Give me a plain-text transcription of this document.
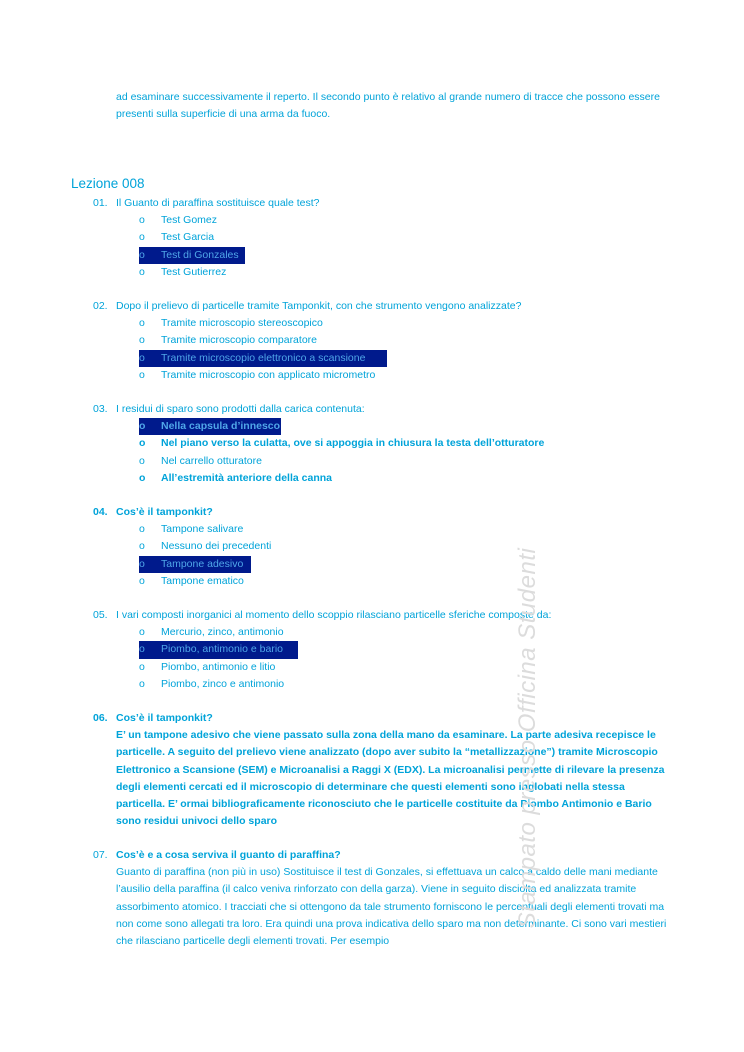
ad esaminare successivamente il reperto. Il secondo punto è relativo al grande numero di tracce che possono essere presenti sulla superficie di una arma da fuoco.
Lezione 008
01. Il Guanto di paraffina sostituisce quale test?
o	Test Gomez
o	Test Garcia
o	Test di Gonzales
o	Test Gutierrez
02. Dopo il prelievo di particelle tramite Tamponkit, con che strumento vengono analizzate?
o	Tramite microscopio stereoscopico
o	Tramite microscopio comparatore
o	Tramite microscopio elettronico a scansione
o	Tramite microscopio con applicato micrometro
03. I residui di sparo sono prodotti dalla carica contenuta:
o	Nella capsula d’innesco
o	Nel piano verso la culatta, ove si appoggia in chiusura la testa dell’otturatore
o	Nel carrello otturatore
o	All’estremità anteriore della canna
04. Cos’è il tamponkit?
o	Tampone salivare
o	Nessuno dei precedenti
o	Tampone adesivo
o	Tampone ematico
05. I vari composti inorganici al momento dello scoppio rilasciano particelle sferiche composte da:
o	Mercurio, zinco, antimonio
o	Piombo, antimonio e bario
o	Piombo, antimonio e litio
o	Piombo, zinco e antimonio
06. Cos’è il tamponkit?

E’ un tampone adesivo che viene passato sulla zona della mano da esaminare. La parte adesiva recepisce le particelle. A seguito del prelievo viene analizzato (dopo aver subito la “metallizzazione”) tramite Microscopio Elettronico a Scansione (SEM) e Microanalisi a Raggi X (EDX). La microanalisi permette di rilevare la presenza degli elementi cercati ed il microscopio di determinare che questi elementi sono inglobati nella stessa particella. E’ ormai bibliograficamente riconosciuto che le particelle costituite da Piombo Antimonio e Bario sono residui univoci dello sparo

07. Cos’è e a cosa serviva il guanto di paraffina?

Guanto di paraffina (non più in uso) Sostituisce il test di Gonzales, si effettuava un calco a caldo delle mani mediante l’ausilio della paraffina (il calco veniva rinforzato con della garza). Viene in seguito disciolta ed analizzata tramite assorbimento atomico. I tracciati che si ottengono da tale strumento forniscono le percentuali degli elementi trovati ma non come sono allegati tra loro. Era quindi una prova indicativa dello sparo ma non determinante. Ci sono vari mestieri che rilasciano particelle degli elementi trovati. Per esempio

Stampato presso Officina Studenti
